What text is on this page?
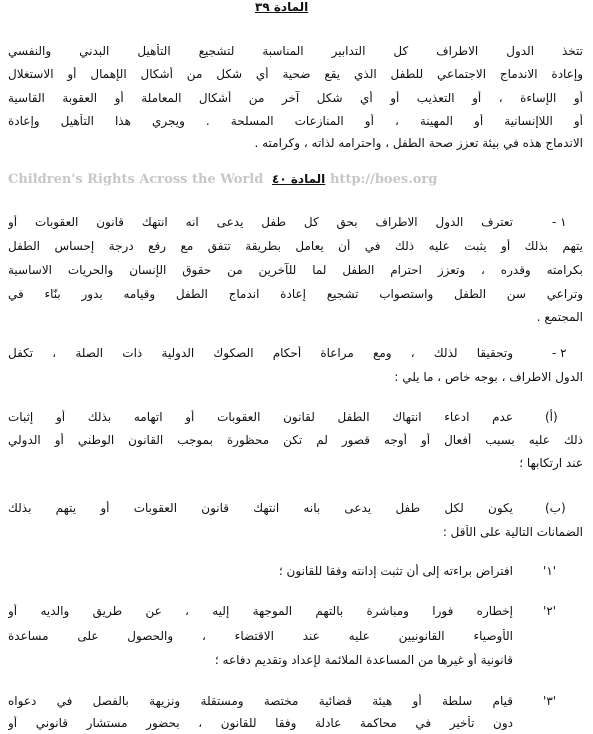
المادة ٣٩
تتخذ الدول الاطراف كل التدابير المناسبة لتشجيع التأهيل البدني والنفسي
وإعادة الاندماج الاجتماعي للطفل الذي يقع ضحية أي شكل من أشكال الإهمال أو الاستغلال
أو الإساءة ، أو التعذيب أو أي شكل آخر من أشكال المعاملة أو العقوبة القاسية
أو اللاإنسانية أو المهينة ، أو المنازعات المسلحة . ويجري هذا التأهيل وإعادة
الاندماج هذه في بيئة تعزز صحة الطفل ، واحترامه لذاته ، وكرامته .
Children's Rights Across the World المادة ٤٠ http://boes.org
١ -
تعترف الدول الاطراف بحق كل طفل يدعى انه انتهك قانون العقوبات أو
يتهم بذلك أو يثبت عليه ذلك في أن يعامل بطريقة تتفق مع رفع درجة إحساس الطفل
بكرامته وقدره ، وتعزز احترام الطفل لما للآخرين من حقوق الإنسان والحريات الاساسية
وتراعي سن الطفل واستصواب تشجيع إعادة اندماج الطفل وقيامه بدور بنّاء في
المجتمع .
٢ -
وتحقيقا لذلك ، ومع مراعاة أحكام الصكوك الدولية ذات الصلة ، تكفل
الدول الاطراف ، بوجه خاص ، ما يلي :
(أ)
عدم ادعاء انتهاك الطفل لقانون العقوبات أو اتهامه بذلك أو إثبات
ذلك عليه بسبب أفعال أو أوجه قصور لم تكن محظورة بموجب القانون الوطني أو الدولي
عند ارتكابها ؛
(ب)
يكون لكل طفل يدعى بانه انتهك قانون العقوبات أو يتهم بذلك
الضمانات التالية على الأقل :
'١'
افتراض براءته إلى أن تثبت إدانته وفقا للقانون ؛
'٢'
إخطاره فورا ومباشرة بالتهم الموجهة إليه ، عن طريق والديه أو
الأوصياء القانونيين عليه عند الاقتضاء ، والحصول على مساعدة
قانونية أو غيرها من المساعدة الملائمة لإعداد وتقديم دفاعه ؛
'٣'
قيام سلطة أو هيئة قضائية مختصة ومستقلة ونزيهة بالفصل في دعواه
دون تأخير في محاكمة عادلة وفقا للقانون ، بحضور مستشار قانوني أو
